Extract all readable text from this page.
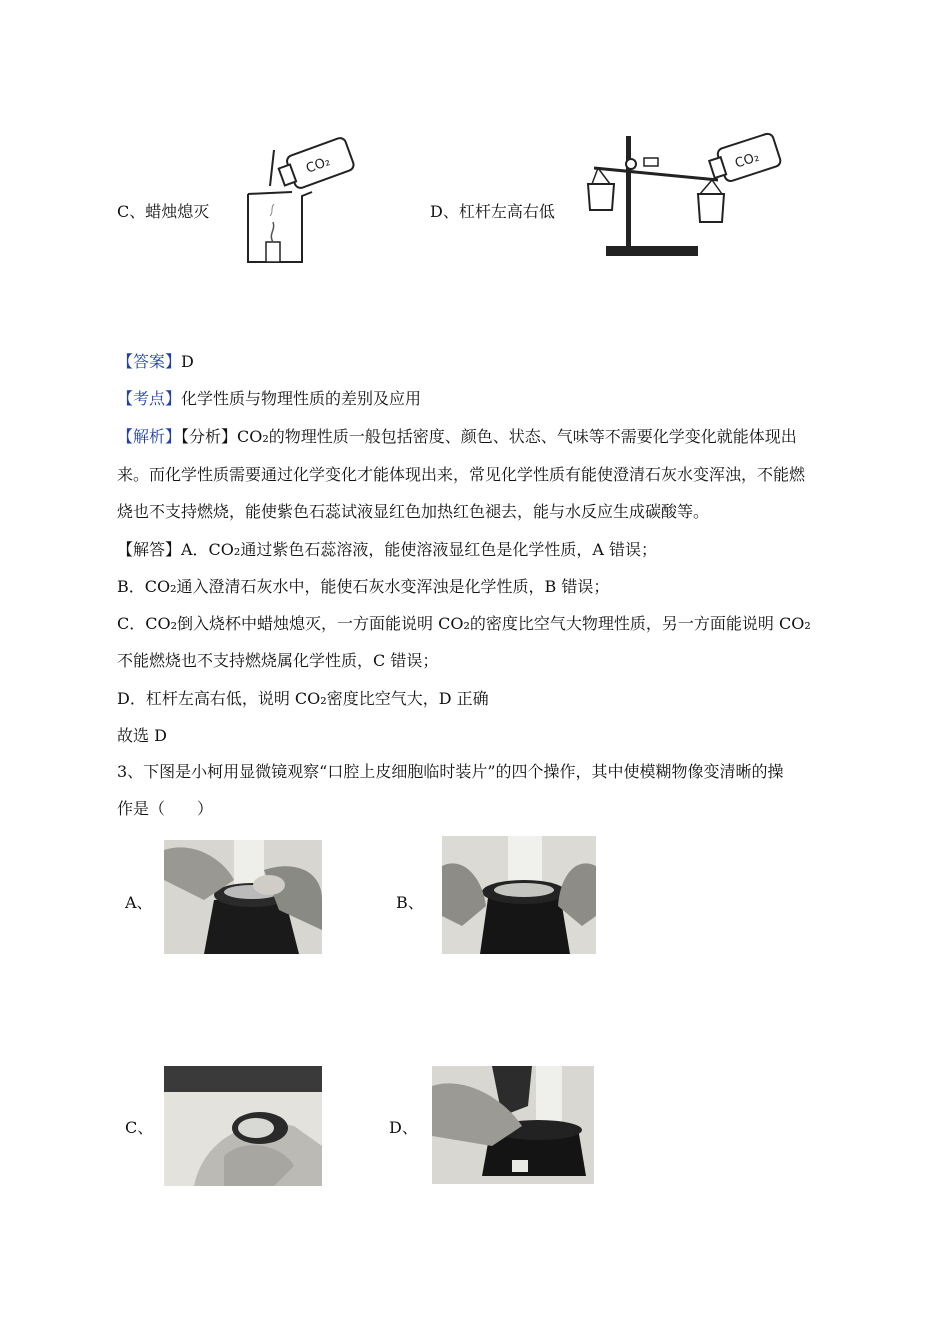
C、蜡烛熄灭
CO₂
D、杠杆左高右低
CO₂
【答案】D
【考点】化学性质与物理性质的差别及应用
【解析】【分析】CO₂的物理性质一般包括密度、颜色、状态、气味等不需要化学变化就能体现出
来。而化学性质需要通过化学变化才能体现出来，常见化学性质有能使澄清石灰水变浑浊，不能燃
烧也不支持燃烧，能使紫色石蕊试液显红色加热红色褪去，能与水反应生成碳酸等。
【解答】A．CO₂通过紫色石蕊溶液，能使溶液显红色是化学性质，A 错误；
B．CO₂通入澄清石灰水中，能使石灰水变浑浊是化学性质，B 错误；
C．CO₂倒入烧杯中蜡烛熄灭，一方面能说明 CO₂的密度比空气大物理性质，另一方面能说明 CO₂
不能燃烧也不支持燃烧属化学性质，C 错误；
D．杠杆左高右低，说明 CO₂密度比空气大，D 正确
故选 D
3、下图是小柯用显微镜观察“口腔上皮细胞临时装片”的四个操作，其中使模糊物像变清晰的操
作是（　　）
A、	B、
C、	D、
